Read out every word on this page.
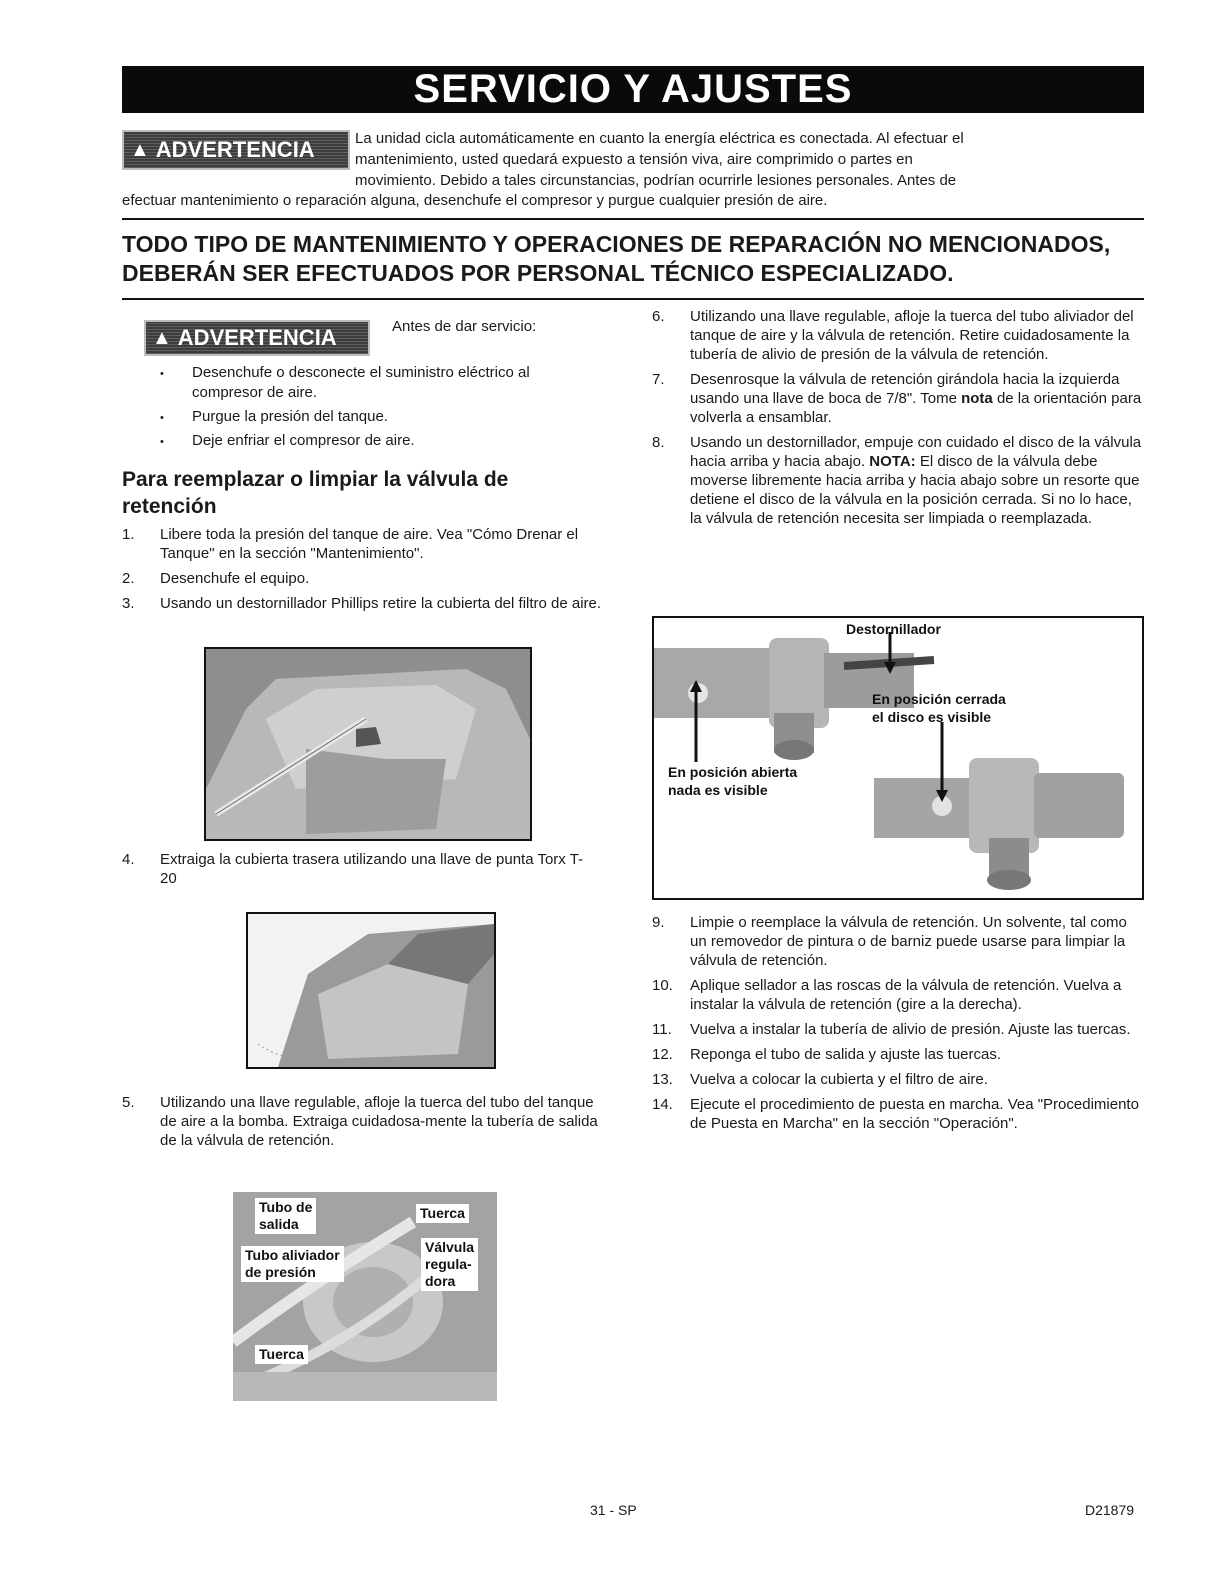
SERVICIO Y AJUSTES
▲ ADVERTENCIA	La unidad cicla automáticamente en cuanto la energía eléctrica es conectada. Al efectuar el
mantenimiento, usted quedará expuesto a tensión viva, aire comprimido o partes en
movimiento. Debido a tales circunstancias, podrían ocurrirle lesiones personales. Antes de
efectuar mantenimiento o reparación alguna, desenchufe el compresor y purgue cualquier presión de aire.
TODO TIPO DE MANTENIMIENTO Y OPERACIONES DE REPARACIÓN NO MENCIONADOS,
DEBERÁN SER EFECTUADOS POR PERSONAL TÉCNICO ESPECIALIZADO.
▲ ADVERTENCIA	Antes de dar servicio:
• Desenchufe o desconecte el suministro eléctrico al compresor de aire.
• Purgue la presión del tanque.
• Deje enfriar el compresor de aire.
Para reemplazar o limpiar la válvula de retención
1. Libere toda la presión del tanque de aire. Vea "Cómo Drenar el Tanque" en la sección "Mantenimiento".
2. Desenchufe el equipo.
3. Usando un destornillador Phillips retire la cubierta del filtro de aire.
4. Extraiga la cubierta trasera utilizando una llave de punta Torx T-20
5. Utilizando una llave regulable, afloje la tuerca del tubo del tanque de aire a la bomba. Extraiga cuidadosa-mente la tubería de salida de la válvula de retención.
Tubo de
salida
Tuerca
Tubo aliviador
de presión
Válvula
regula-
dora
Tuerca
6. Utilizando una llave regulable, afloje la tuerca del tubo aliviador del tanque de aire y la válvula de retención. Retire cuidadosamente la tubería de alivio de presión de la válvula de retención.
7. Desenrosque la válvula de retención girándola hacia la izquierda usando una llave de boca de 7/8". Tome nota de la orientación para volverla a ensamblar.
8. Usando un destornillador, empuje con cuidado el disco de la válvula hacia arriba y hacia abajo. NOTA: El disco de la válvula debe moverse libremente hacia arriba y hacia abajo sobre un resorte que detiene el disco de la válvula en la posición cerrada. Si no lo hace, la válvula de retención necesita ser limpiada o reemplazada.
Destornillador
En posición cerrada
el disco es visible
En posición abierta
nada es visible
9. Limpie o reemplace la válvula de retención. Un solvente, tal como un removedor de pintura o de barniz puede usarse para limpiar la válvula de retención.
10. Aplique sellador a las roscas de la válvula de retención. Vuelva a instalar la válvula de retención (gire a la derecha).
11. Vuelva a instalar la tubería de alivio de presión. Ajuste las tuercas.
12. Reponga el tubo de salida y ajuste las tuercas.
13. Vuelva a colocar la cubierta y el filtro de aire.
14. Ejecute el procedimiento de puesta en marcha. Vea "Procedimiento de Puesta en Marcha" en la sección "Operación".
31 - SP	D21879
